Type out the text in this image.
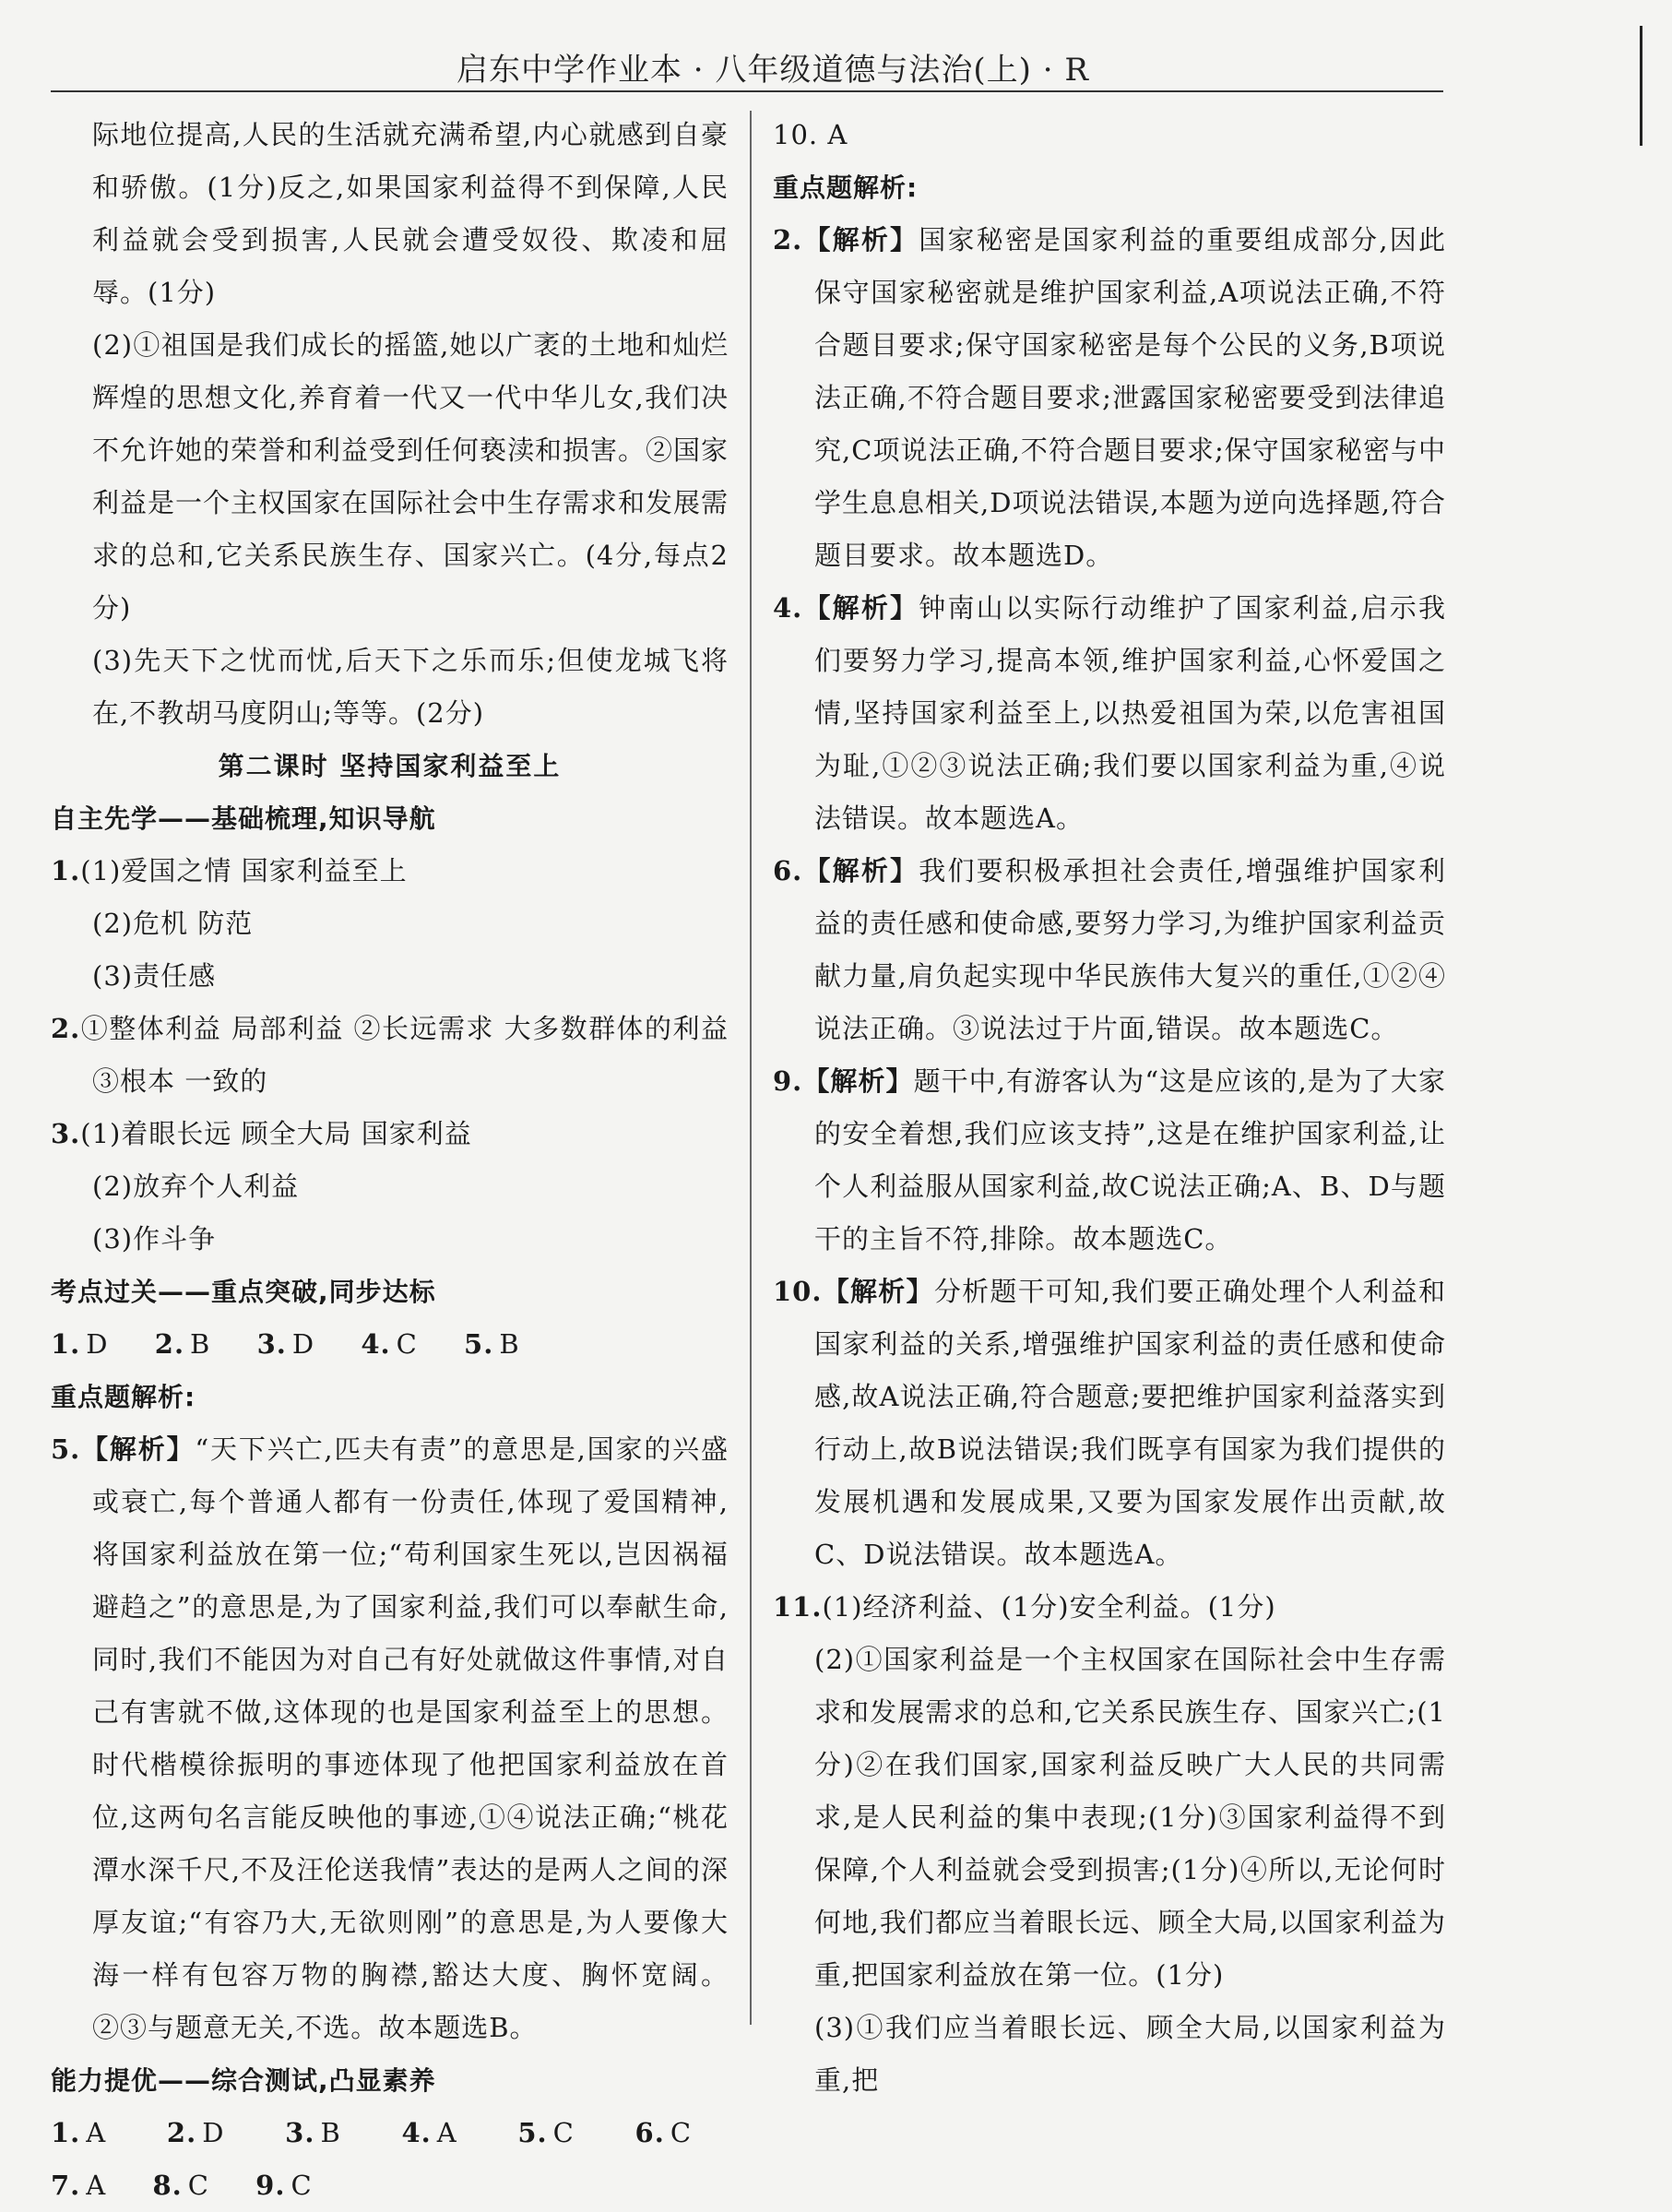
启东中学作业本 · 八年级道德与法治(上) · R

际地位提高,人民的生活就充满希望,内心就感到自豪和骄傲。(1分)反之,如果国家利益得不到保障,人民利益就会受到损害,人民就会遭受奴役、欺凌和屈辱。(1分)

(2)①祖国是我们成长的摇篮,她以广袤的土地和灿烂辉煌的思想文化,养育着一代又一代中华儿女,我们决不允许她的荣誉和利益受到任何亵渎和损害。②国家利益是一个主权国家在国际社会中生存需求和发展需求的总和,它关系民族生存、国家兴亡。(4分,每点2分)

(3)先天下之忧而忧,后天下之乐而乐;但使龙城飞将在,不教胡马度阴山;等等。(2分)

第二课时 坚持国家利益至上

自主先学——基础梳理,知识导航

1.(1)爱国之情 国家利益至上

(2)危机 防范

(3)责任感

2.①整体利益 局部利益 ②长远需求 大多数群体的利益 ③根本 一致的

3.(1)着眼长远 顾全大局 国家利益

(2)放弃个人利益

(3)作斗争

考点过关——重点突破,同步达标

1. D 2. B 3. D 4. C 5. B

重点题解析:

5.【解析】“天下兴亡,匹夫有责”的意思是,国家的兴盛或衰亡,每个普通人都有一份责任,体现了爱国精神,将国家利益放在第一位;“苟利国家生死以,岂因祸福避趋之”的意思是,为了国家利益,我们可以奉献生命,同时,我们不能因为对自己有好处就做这件事情,对自己有害就不做,这体现的也是国家利益至上的思想。时代楷模徐振明的事迹体现了他把国家利益放在首位,这两句名言能反映他的事迹,①④说法正确;“桃花潭水深千尺,不及汪伦送我情”表达的是两人之间的深厚友谊;“有容乃大,无欲则刚”的意思是,为人要像大海一样有包容万物的胸襟,豁达大度、胸怀宽阔。②③与题意无关,不选。故本题选B。

能力提优——综合测试,凸显素养

1. A 2. D 3. B 4. A 5. C 6. C 7. A 8. C 9. C

10. A

重点题解析:

2.【解析】国家秘密是国家利益的重要组成部分,因此保守国家秘密就是维护国家利益,A项说法正确,不符合题目要求;保守国家秘密是每个公民的义务,B项说法正确,不符合题目要求;泄露国家秘密要受到法律追究,C项说法正确,不符合题目要求;保守国家秘密与中学生息息相关,D项说法错误,本题为逆向选择题,符合题目要求。故本题选D。

4.【解析】钟南山以实际行动维护了国家利益,启示我们要努力学习,提高本领,维护国家利益,心怀爱国之情,坚持国家利益至上,以热爱祖国为荣,以危害祖国为耻,①②③说法正确;我们要以国家利益为重,④说法错误。故本题选A。

6.【解析】我们要积极承担社会责任,增强维护国家利益的责任感和使命感,要努力学习,为维护国家利益贡献力量,肩负起实现中华民族伟大复兴的重任,①②④说法正确。③说法过于片面,错误。故本题选C。

9.【解析】题干中,有游客认为“这是应该的,是为了大家的安全着想,我们应该支持”,这是在维护国家利益,让个人利益服从国家利益,故C说法正确;A、B、D与题干的主旨不符,排除。故本题选C。

10.【解析】分析题干可知,我们要正确处理个人利益和国家利益的关系,增强维护国家利益的责任感和使命感,故A说法正确,符合题意;要把维护国家利益落实到行动上,故B说法错误;我们既享有国家为我们提供的发展机遇和发展成果,又要为国家发展作出贡献,故C、D说法错误。故本题选A。

11.(1)经济利益、(1分)安全利益。(1分)

(2)①国家利益是一个主权国家在国际社会中生存需求和发展需求的总和,它关系民族生存、国家兴亡;(1分)②在我们国家,国家利益反映广大人民的共同需求,是人民利益的集中表现;(1分)③国家利益得不到保障,个人利益就会受到损害;(1分)④所以,无论何时何地,我们都应当着眼长远、顾全大局,以国家利益为重,把国家利益放在第一位。(1分)

(3)①我们应当着眼长远、顾全大局,以国家利益为重,把
